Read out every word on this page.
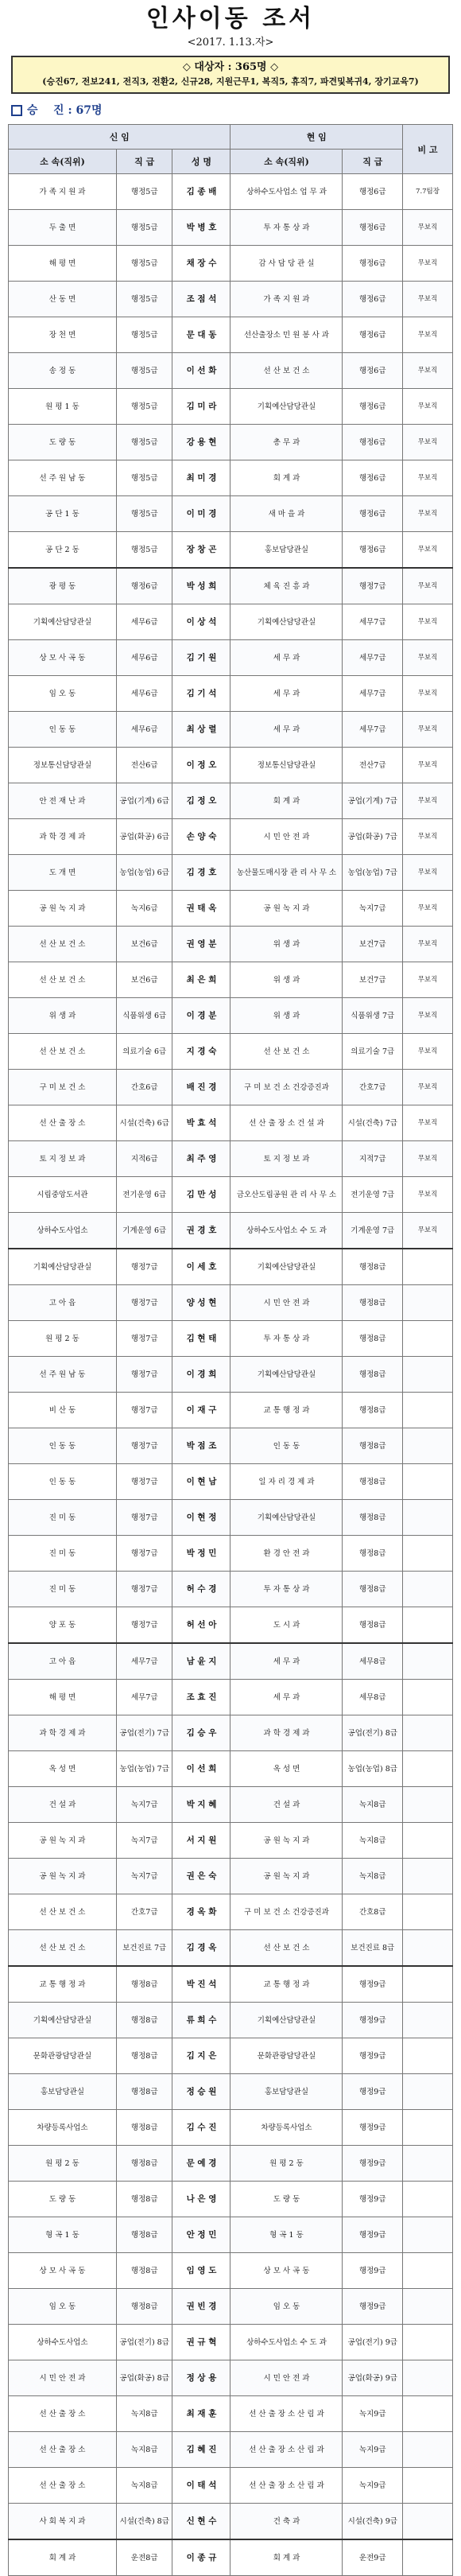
인사이동 조서
<2017. 1.13.자>
◇ 대상자 : 365명 ◇
(승진67, 전보241, 전직3, 전환2, 신규28, 지원근무1, 복직5, 휴직7, 파견및복귀4, 장기교육7)
승 진 : 67명
신 임			현 임		비 고
소 속(직위)	직 급	성 명	소 속(직위)	직 급	
가 족 지 원 과	행정5급	김 종 배	상하수도사업소 업 무 과	행정6급	7.7팀장
두 출 면	행정5급	박 병 호	투 자 통 상 과	행정6급	무보직
해 평 면	행정5급	채 장 수	감 사 담 당 관 실	행정6급	무보직
산 동 면	행정5급	조 점 석	가 족 지 원 과	행정6급	무보직
장 천 면	행정5급	문 대 동	선산출장소 민 원 봉 사 과	행정6급	무보직
송 정 동	행정5급	이 선 화	선 산 보 건 소	행정6급	무보직
원 평 1 동	행정5급	김 미 라	기획예산담당관실	행정6급	무보직
도 량 동	행정5급	강 용 현	총 무 과	행정6급	무보직
선 주 원 남 동	행정5급	최 미 경	회 계 과	행정6급	무보직
공 단 1 동	행정5급	이 미 경	새 마 을 과	행정6급	무보직
공 단 2 동	행정5급	장 창 곤	홍보담당관실	행정6급	무보직
광 평 동	행정6급	박 성 희	체 육 진 흥 과	행정7급	무보직
기획예산담당관실	세무6급	이 상 석	기획예산담당관실	세무7급	무보직
상 모 사 곡 동	세무6급	김 기 원	세 무 과	세무7급	무보직
임 오 동	세무6급	김 기 석	세 무 과	세무7급	무보직
인 동 동	세무6급	최 상 렬	세 무 과	세무7급	무보직
정보통신담당관실	전산6급	이 정 오	정보통신담당관실	전산7급	무보직
안 전 재 난 과	공업(기계) 6급	김 정 오	회 계 과	공업(기계) 7급	무보직
과 학 경 제 과	공업(화공) 6급	손 양 숙	시 민 안 전 과	공업(화공) 7급	무보직
도 개 면	농업(농업) 6급	김 경 호	농산물도매시장 관 리 사 무 소	농업(농업) 7급	무보직
공 원 녹 지 과	녹지6급	권 태 옥	공 원 녹 지 과	녹지7급	무보직
선 산 보 건 소	보건6급	권 영 분	위 생 과	보건7급	무보직
선 산 보 건 소	보건6급	최 은 희	위 생 과	보건7급	무보직
위 생 과	식품위생 6급	이 경 분	위 생 과	식품위생 7급	무보직
선 산 보 건 소	의료기술 6급	지 경 숙	선 산 보 건 소	의료기술 7급	무보직
구 미 보 건 소	간호6급	배 진 경	구 미 보 건 소 건강증진과	간호7급	무보직
선 산 출 장 소	시설(건축) 6급	박 효 석	선 산 출 장 소 건 설 과	시설(건축) 7급	무보직
토 지 정 보 과	지적6급	최 주 영	토 지 정 보 과	지적7급	무보직
시립중앙도서관	전기운영 6급	김 만 성	금오산도립공원 관 리 사 무 소	전기운영 7급	무보직
상하수도사업소	기계운영 6급	권 경 호	상하수도사업소 수 도 과	기계운영 7급	무보직
기획예산담당관실	행정7급	이 세 호	기획예산담당관실	행정8급	
고 아 읍	행정7급	양 성 현	시 민 안 전 과	행정8급	
원 평 2 동	행정7급	김 현 태	투 자 통 상 과	행정8급	
선 주 원 남 동	행정7급	이 경 희	기획예산담당관실	행정8급	
비 산 동	행정7급	이 재 구	교 통 행 정 과	행정8급	
인 동 동	행정7급	박 점 조	인 동 동	행정8급	
인 동 동	행정7급	이 현 남	일 자 리 경 제 과	행정8급	
진 미 동	행정7급	이 현 정	기획예산담당관실	행정8급	
진 미 동	행정7급	박 정 민	환 경 안 전 과	행정8급	
진 미 동	행정7급	허 수 경	투 자 통 상 과	행정8급	
양 포 동	행정7급	허 선 아	도 시 과	행정8급	
고 아 읍	세무7급	남 윤 지	세 무 과	세무8급	
해 평 면	세무7급	조 효 진	세 무 과	세무8급	
과 학 경 제 과	공업(전기) 7급	김 승 우	과 학 경 제 과	공업(전기) 8급	
옥 성 면	농업(농업) 7급	이 선 희	옥 성 면	농업(농업) 8급	
건 설 과	녹지7급	박 지 혜	건 설 과	녹지8급	
공 원 녹 지 과	녹지7급	서 지 원	공 원 녹 지 과	녹지8급	
공 원 녹 지 과	녹지7급	권 은 숙	공 원 녹 지 과	녹지8급	
선 산 보 건 소	간호7급	경 옥 화	구 미 보 건 소 건강증진과	간호8급	
선 산 보 건 소	보건진료 7급	김 경 옥	선 산 보 건 소	보건진료 8급	
교 통 행 정 과	행정8급	박 진 석	교 통 행 정 과	행정9급	
기획예산담당관실	행정8급	류 희 수	기획예산담당관실	행정9급	
문화관광담당관실	행정8급	김 지 은	문화관광담당관실	행정9급	
홍보담당관실	행정8급	정 승 원	홍보담당관실	행정9급	
차량등록사업소	행정8급	김 수 진	차량등록사업소	행정9급	
원 평 2 동	행정8급	문 예 경	원 평 2 동	행정9급	
도 량 동	행정8급	나 은 영	도 량 동	행정9급	
형 곡 1 동	행정8급	안 정 민	형 곡 1 동	행정9급	
상 모 사 곡 동	행정8급	임 영 도	상 모 사 곡 동	행정9급	
임 오 동	행정8급	권 빈 경	임 오 동	행정9급	
상하수도사업소	공업(전기) 8급	권 규 혁	상하수도사업소 수 도 과	공업(전기) 9급	
시 민 안 전 과	공업(화공) 8급	정 상 용	시 민 안 전 과	공업(화공) 9급	
선 산 출 장 소	녹지8급	최 재 훈	선 산 출 장 소 산 림 과	녹지9급	
선 산 출 장 소	녹지8급	김 혜 진	선 산 출 장 소 산 림 과	녹지9급	
선 산 출 장 소	녹지8급	이 태 석	선 산 출 장 소 산 림 과	녹지9급	
사 회 복 지 과	시설(건축) 8급	신 현 수	건 축 과	시설(건축) 9급	
회 계 과	운전8급	이 종 규	회 계 과	운전9급	
